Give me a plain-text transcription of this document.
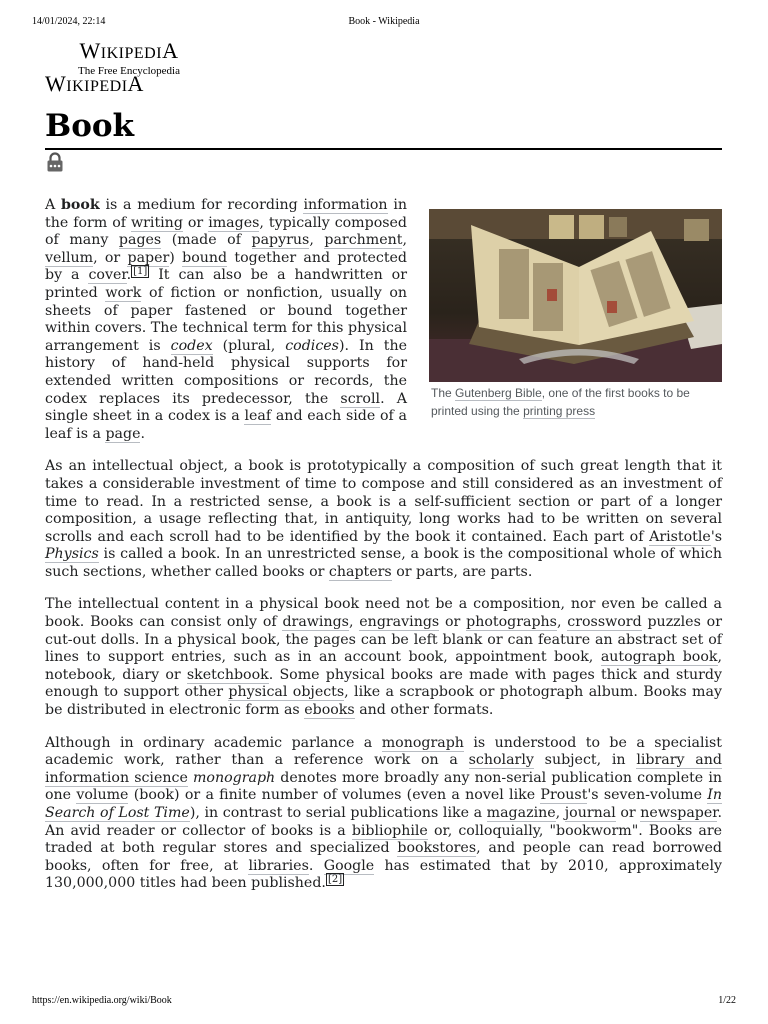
14/01/2024, 22:14	Book - Wikipedia
WIKIPEDIA
The Free Encyclopedia
WIKIPEDIA
Book
The Gutenberg Bible, one of the first books to be printed using the printing press

A book is a medium for recording information in the form of writing or images, typically composed of many pages (made of papyrus, parchment, vellum, or paper) bound together and protected by a cover. [1] It can also be a handwritten or printed work of fiction or nonfiction, usually on sheets of paper fastened or bound together within covers. The technical term for this physical arrangement is codex (plural, codices). In the history of hand-held physical supports for extended written compositions or records, the codex replaces its predecessor, the scroll. A single sheet in a codex is a leaf and each side of a leaf is a page.

As an intellectual object, a book is prototypically a composition of such great length that it takes a considerable investment of time to compose and still considered as an investment of time to read. In a restricted sense, a book is a self-sufficient section or part of a longer composition, a usage reflecting that, in antiquity, long works had to be written on several scrolls and each scroll had to be identified by the book it contained. Each part of Aristotle's Physics is called a book. In an unrestricted sense, a book is the compositional whole of which such sections, whether called books or chapters or parts, are parts.

The intellectual content in a physical book need not be a composition, nor even be called a book. Books can consist only of drawings, engravings or photographs, crossword puzzles or cut-out dolls. In a physical book, the pages can be left blank or can feature an abstract set of lines to support entries, such as in an account book, appointment book, autograph book, notebook, diary or sketchbook. Some physical books are made with pages thick and sturdy enough to support other physical objects, like a scrapbook or photograph album. Books may be distributed in electronic form as ebooks and other formats.

Although in ordinary academic parlance a monograph is understood to be a specialist academic work, rather than a reference work on a scholarly subject, in library and information science monograph denotes more broadly any non-serial publication complete in one volume (book) or a finite number of volumes (even a novel like Proust's seven-volume In Search of Lost Time), in contrast to serial publications like a magazine, journal or newspaper. An avid reader or collector of books is a bibliophile or, colloquially, "bookworm". Books are traded at both regular stores and specialized bookstores, and people can read borrowed books, often for free, at libraries. Google has estimated that by 2010, approximately 130,000,000 titles had been published. [2]

https://en.wikipedia.org/wiki/Book	1/22
